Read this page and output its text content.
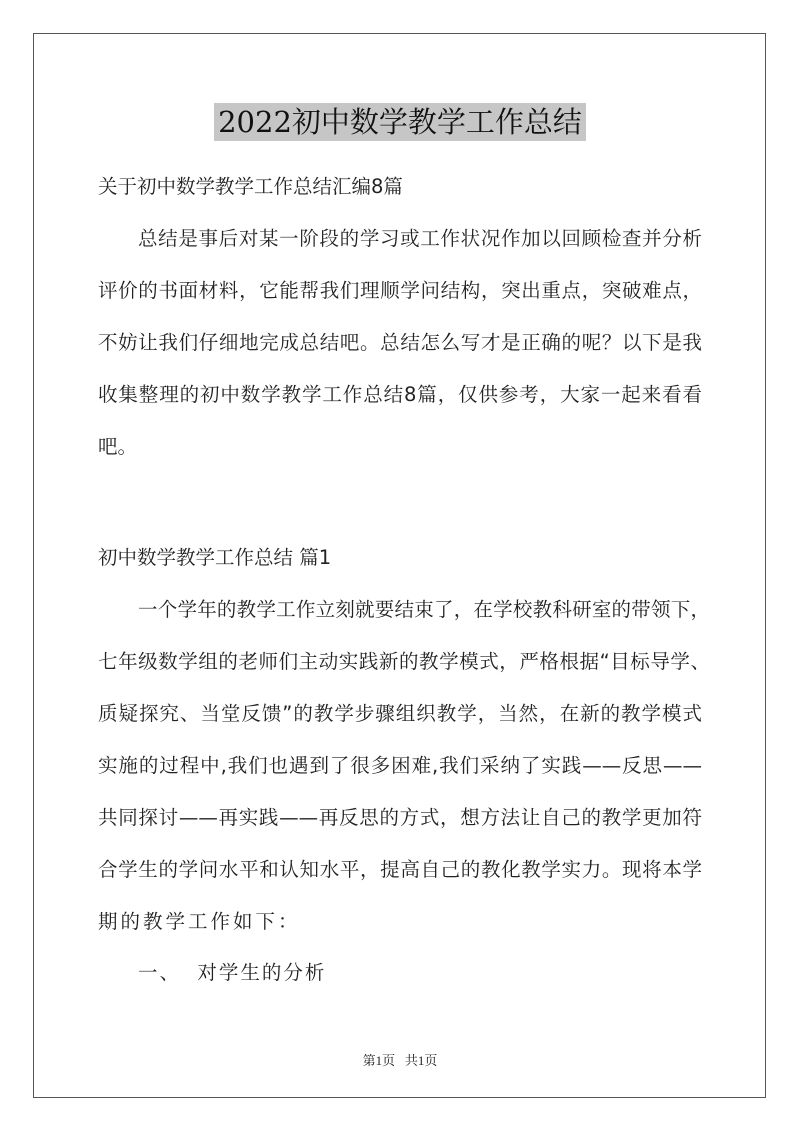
2022初中数学教学工作总结
关于初中数学教学工作总结汇编8篇
总结是事后对某一阶段的学习或工作状况作加以回顾检查并分析
评价的书面材料，它能帮我们理顺学问结构，突出重点，突破难点，
不妨让我们仔细地完成总结吧。总结怎么写才是正确的呢？以下是我
收集整理的初中数学教学工作总结8篇，仅供参考，大家一起来看看
吧。
初中数学教学工作总结 篇1
一个学年的教学工作立刻就要结束了，在学校教科研室的带领下，
七年级数学组的老师们主动实践新的教学模式，严格根据“目标导学、
质疑探究、当堂反馈”的教学步骤组织教学，当然，在新的教学模式
实施的过程中,我们也遇到了很多困难,我们采纳了实践——反思——
共同探讨——再实践——再反思的方式，想方法让自己的教学更加符
合学生的学问水平和认知水平，提高自己的教化教学实力。现将本学
期的教学工作如下：
一、  对学生的分析
第1页   共1页
